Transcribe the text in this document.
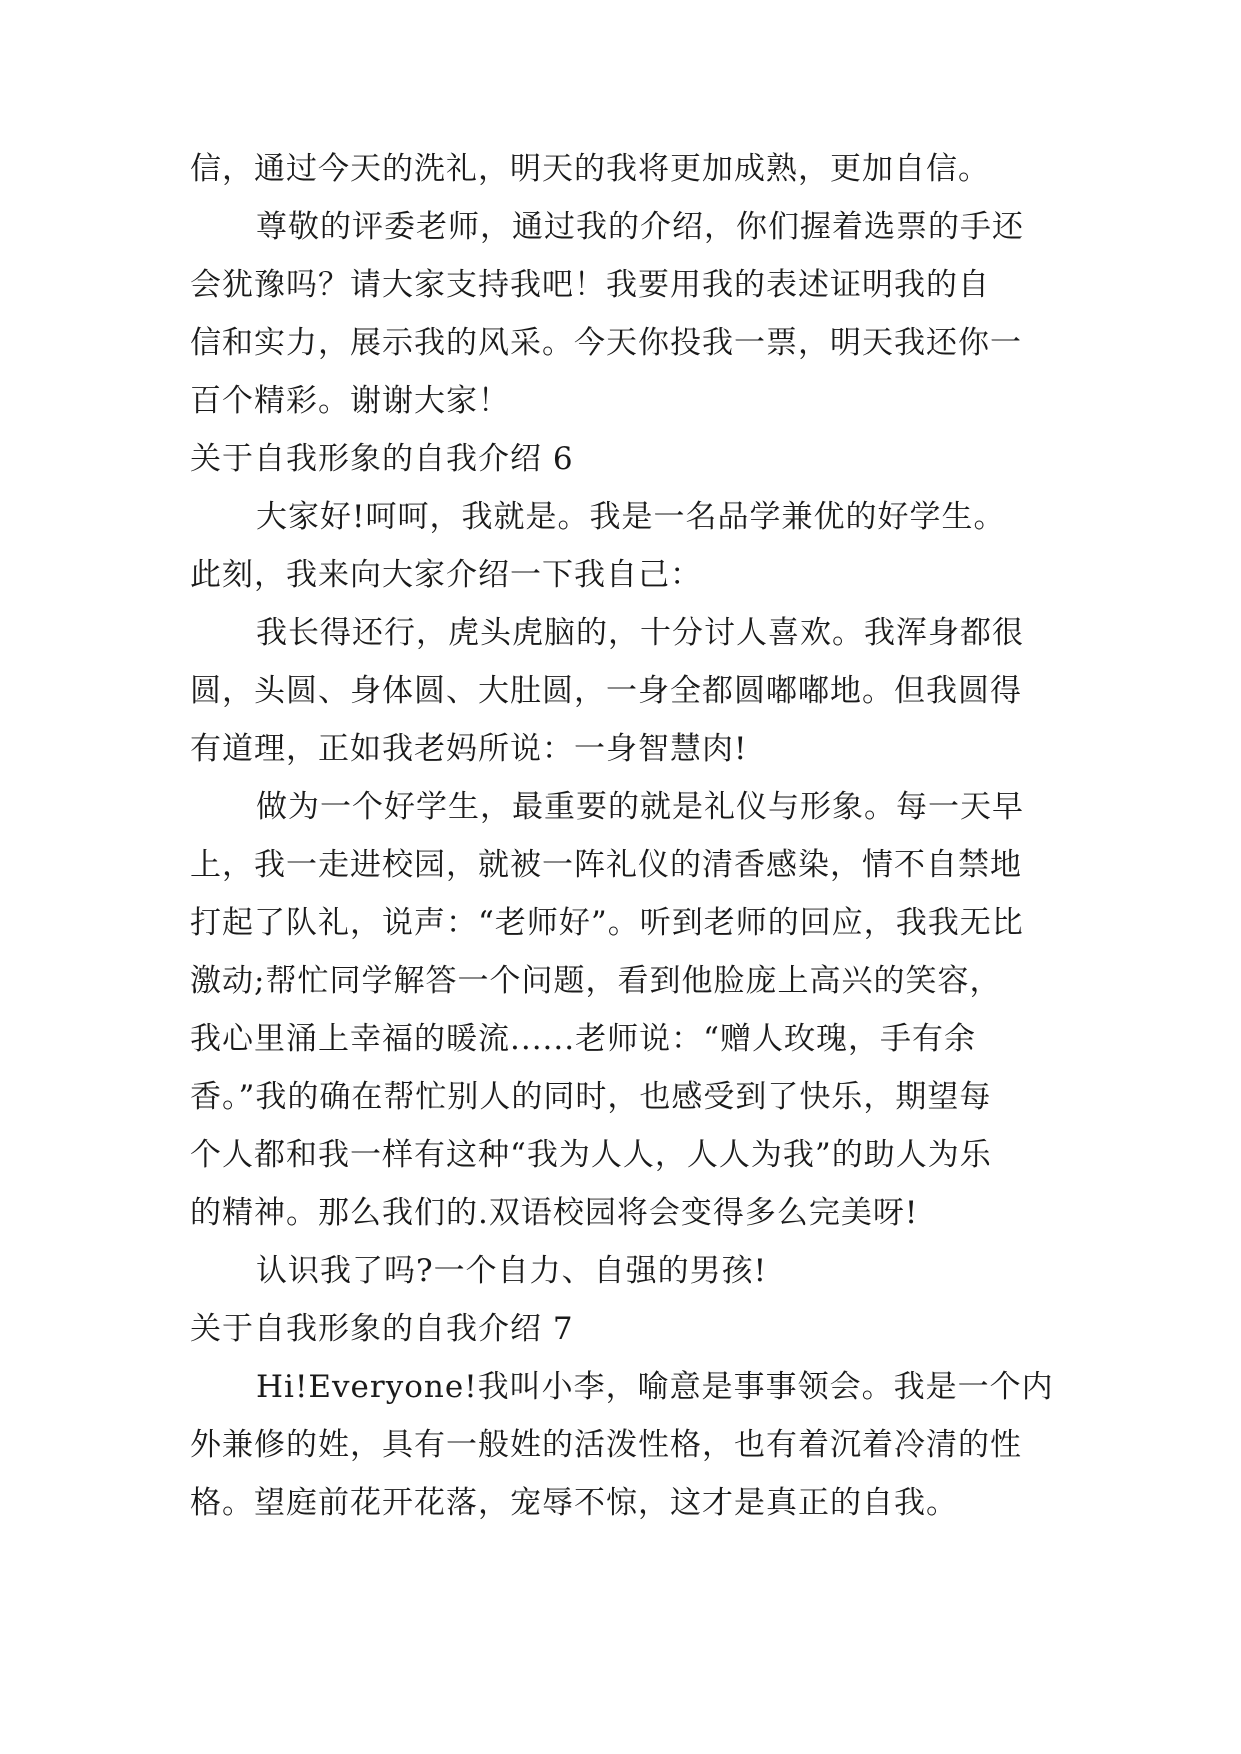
信，通过今天的洗礼，明天的我将更加成熟，更加自信。
尊敬的评委老师，通过我的介绍，你们握着选票的手还
会犹豫吗？请大家支持我吧！我要用我的表述证明我的自
信和实力，展示我的风采。今天你投我一票，明天我还你一
百个精彩。谢谢大家！
关于自我形象的自我介绍 6
大家好!呵呵，我就是。我是一名品学兼优的好学生。
此刻，我来向大家介绍一下我自己：
我长得还行，虎头虎脑的，十分讨人喜欢。我浑身都很
圆，头圆、身体圆、大肚圆，一身全都圆嘟嘟地。但我圆得
有道理，正如我老妈所说：一身智慧肉!
做为一个好学生，最重要的就是礼仪与形象。每一天早
上，我一走进校园，就被一阵礼仪的清香感染，情不自禁地
打起了队礼，说声：“老师好”。听到老师的回应，我我无比
激动;帮忙同学解答一个问题，看到他脸庞上高兴的笑容，
我心里涌上幸福的暖流......老师说：“赠人玫瑰，手有余
香。”我的确在帮忙别人的同时，也感受到了快乐，期望每
个人都和我一样有这种“我为人人，人人为我”的助人为乐
的精神。那么我们的.双语校园将会变得多么完美呀!
认识我了吗?一个自力、自强的男孩!
关于自我形象的自我介绍 7
Hi!Everyone!我叫小李，喻意是事事领会。我是一个内
外兼修的姓，具有一般姓的活泼性格，也有着沉着冷清的性
格。望庭前花开花落，宠辱不惊，这才是真正的自我。
